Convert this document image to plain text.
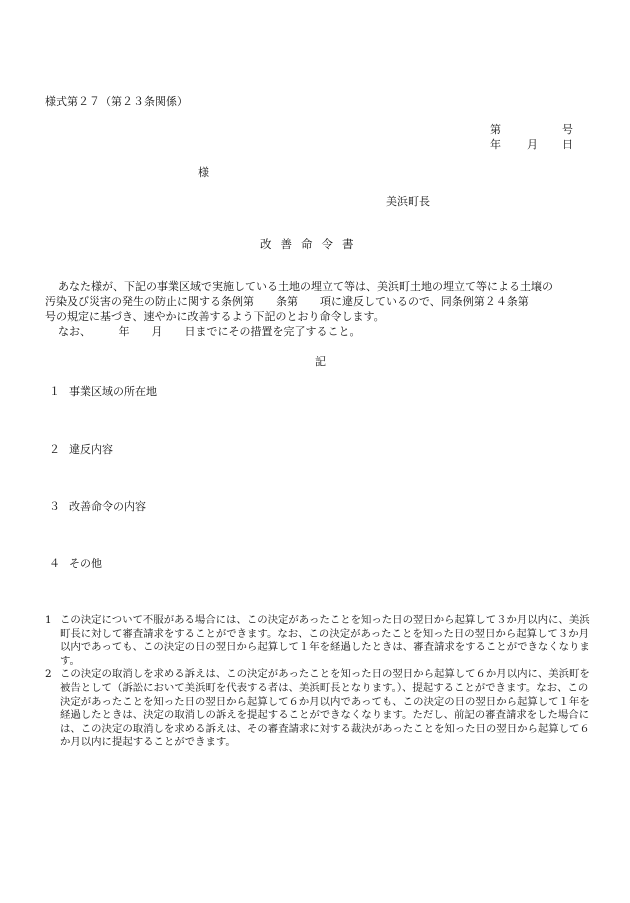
様式第２７（第２３条関係）
第	号
年 月 日
様
美浜町長
改善命令書
あなた様が、下記の事業区域で実施している土地の埋立て等は、美浜町土地の埋立て等による土壌の
汚染及び災害の発生の防止に関する条例第　　条第　　項に違反しているので、同条例第２４条第
号の規定に基づき、速やかに改善するよう下記のとおり命令します。
なお、　　　年　　月　　日までにその措置を完了すること。
記
１ 事業区域の所在地
２ 違反内容
３ 改善命令の内容
４ その他
1 この決定について不服がある場合には、この決定があったことを知った日の翌日から起算して３か月以内に、美浜町長に対して審査請求をすることができます。なお、この決定があったことを知った日の翌日から起算して３か月以内であっても、この決定の日の翌日から起算して１年を経過したときは、審査請求をすることができなくなります。
2 この決定の取消しを求める訴えは、この決定があったことを知った日の翌日から起算して６か月以内に、美浜町を被告として（訴訟において美浜町を代表する者は、美浜町長となります。）、提起することができます。なお、この決定があったことを知った日の翌日から起算して６か月以内であっても、この決定の日の翌日から起算して１年を経過したときは、決定の取消しの訴えを提起することができなくなります。ただし、前記の審査請求をした場合には、この決定の取消しを求める訴えは、その審査請求に対する裁決があったことを知った日の翌日から起算して６か月以内に提起することができます。
